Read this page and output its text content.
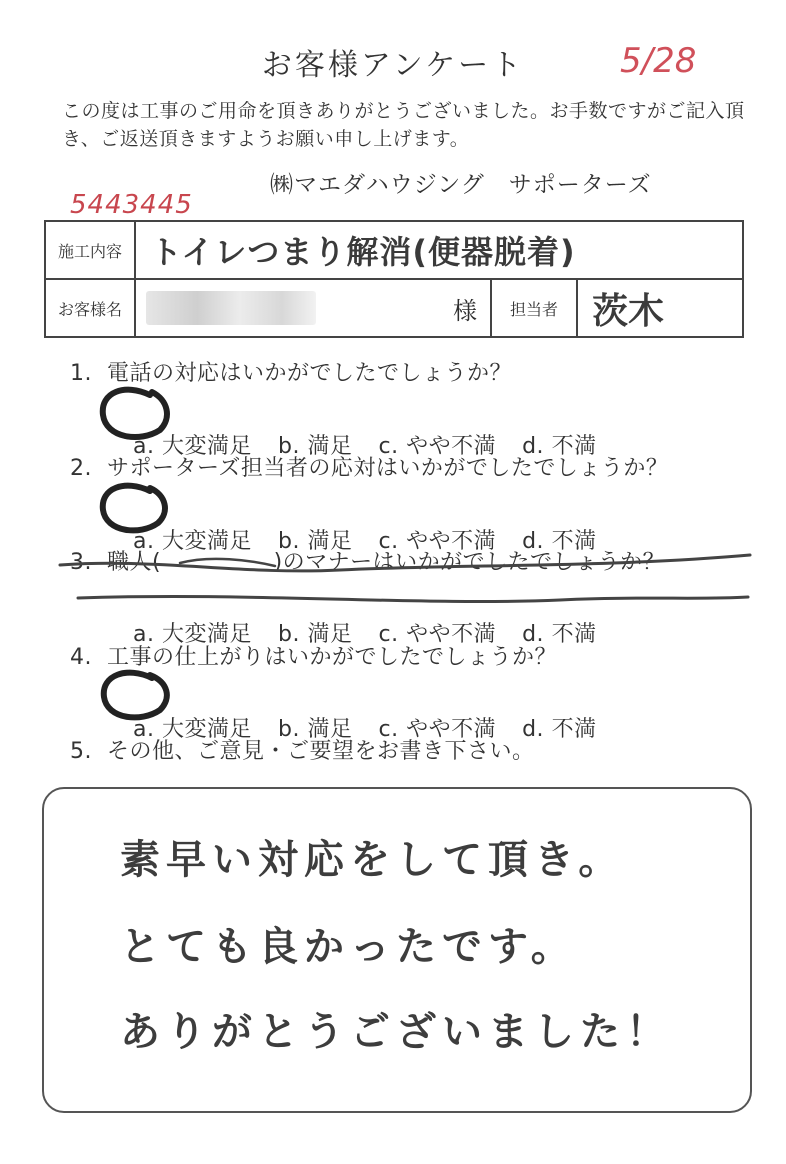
お客様アンケート	5/28
この度は工事のご用命を頂きありがとうございました。お手数ですがご記入頂き、ご返送頂きますようお願い申し上げます。
㈱マエダハウジング　サポーターズ
5443445
施工内容	トイレつまり解消(便器脱着)			
お客様名		様	担当者	茨木
1. 電話の対応はいかがでしたでしょうか？

a. 大変満足 b. 満足 c. やや不満 d. 不満

2. サポーターズ担当者の応対はいかがでしたでしょうか？

a. 大変満足 b. 満足 c. やや不満 d. 不満

3. 職人(　　　　　)のマナーはいかがでしたでしょうか？

a. 大変満足 b. 満足 c. やや不満 d. 不満

4. 工事の仕上がりはいかがでしたでしょうか？

a. 大変満足 b. 満足 c. やや不満 d. 不満

5. その他、ご意見・ご要望をお書き下さい。
素早い対応をして頂き。
とても良かったです。
ありがとうございました！
